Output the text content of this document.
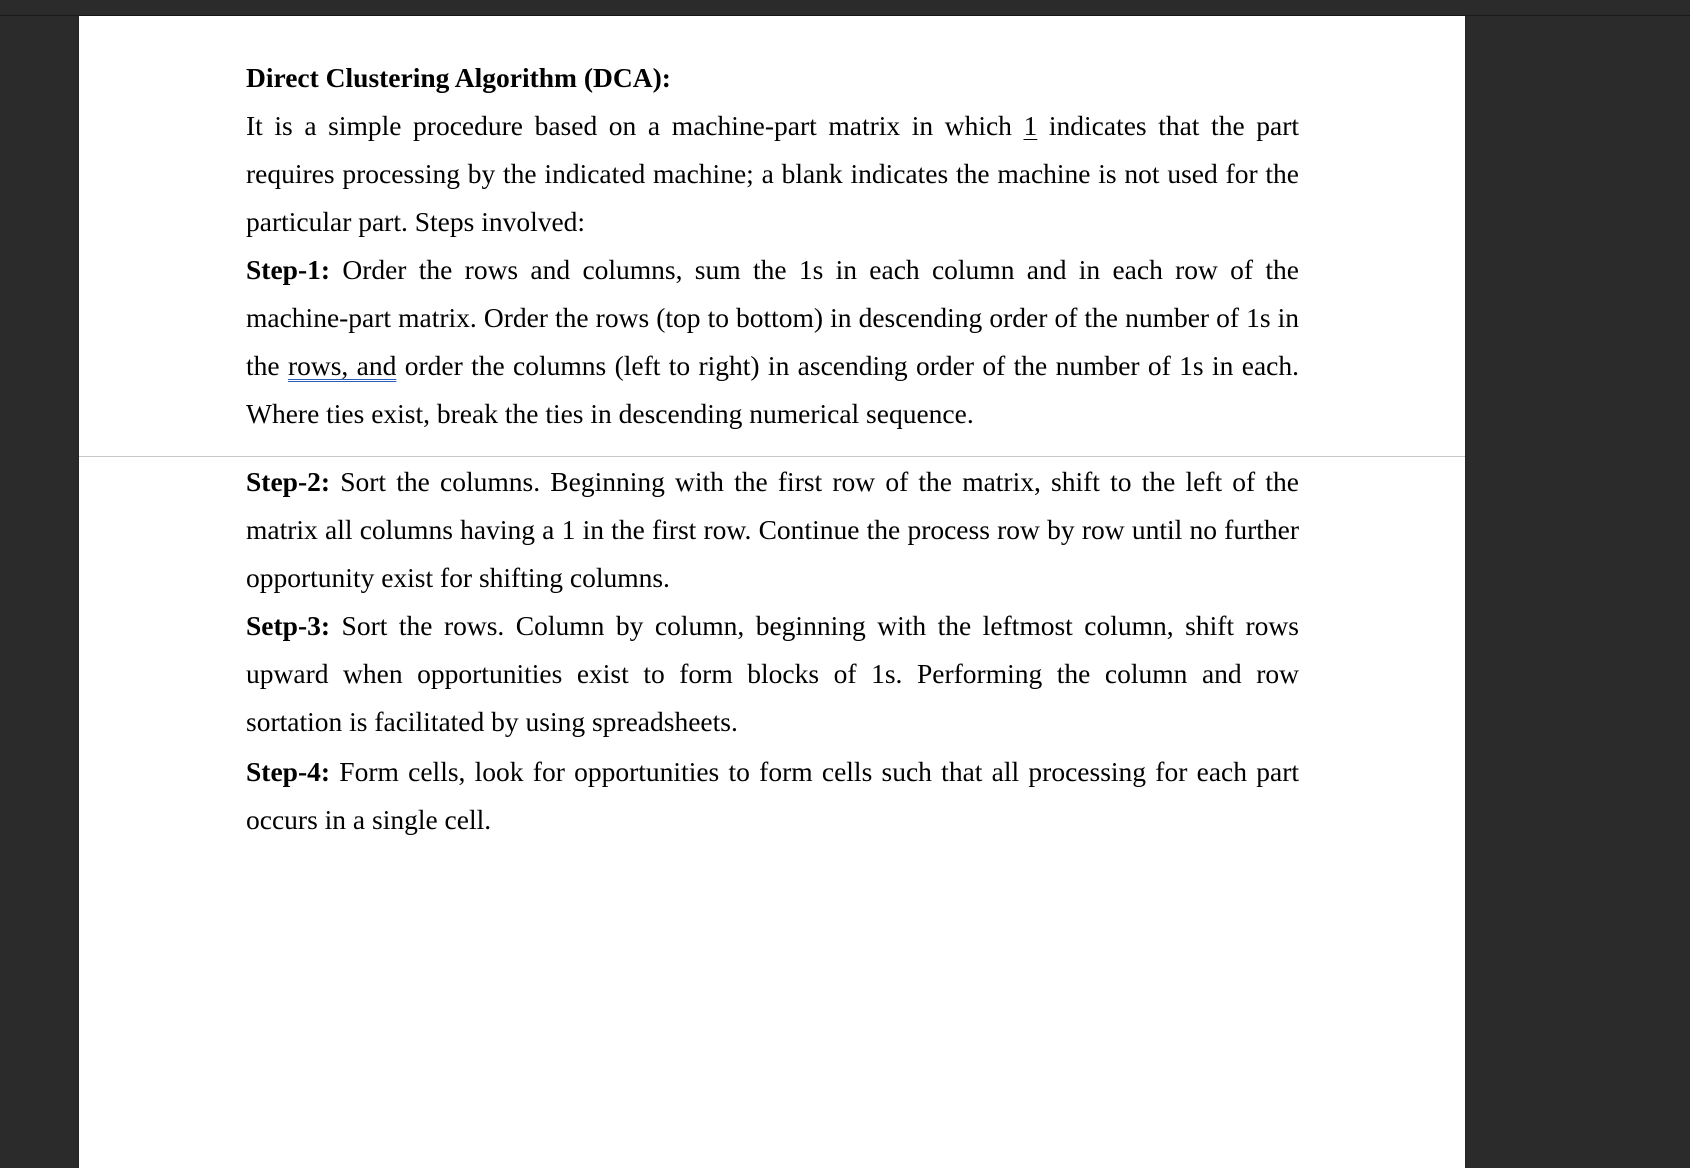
Direct Clustering Algorithm (DCA):

It is a simple procedure based on a machine-part matrix in which 1 indicates that the part requires processing by the indicated machine; a blank indicates the machine is not used for the particular part. Steps involved:

Step-1: Order the rows and columns, sum the 1s in each column and in each row of the machine-part matrix. Order the rows (top to bottom) in descending order of the number of 1s in the rows, and order the columns (left to right) in ascending order of the number of 1s in each. Where ties exist, break the ties in descending numerical sequence.

Step-2: Sort the columns. Beginning with the first row of the matrix, shift to the left of the matrix all columns having a 1 in the first row. Continue the process row by row until no further opportunity exist for shifting columns.

Setp-3: Sort the rows. Column by column, beginning with the leftmost column, shift rows upward when opportunities exist to form blocks of 1s. Performing the column and row sortation is facilitated by using spreadsheets.

Step-4: Form cells, look for opportunities to form cells such that all processing for each part occurs in a single cell.
